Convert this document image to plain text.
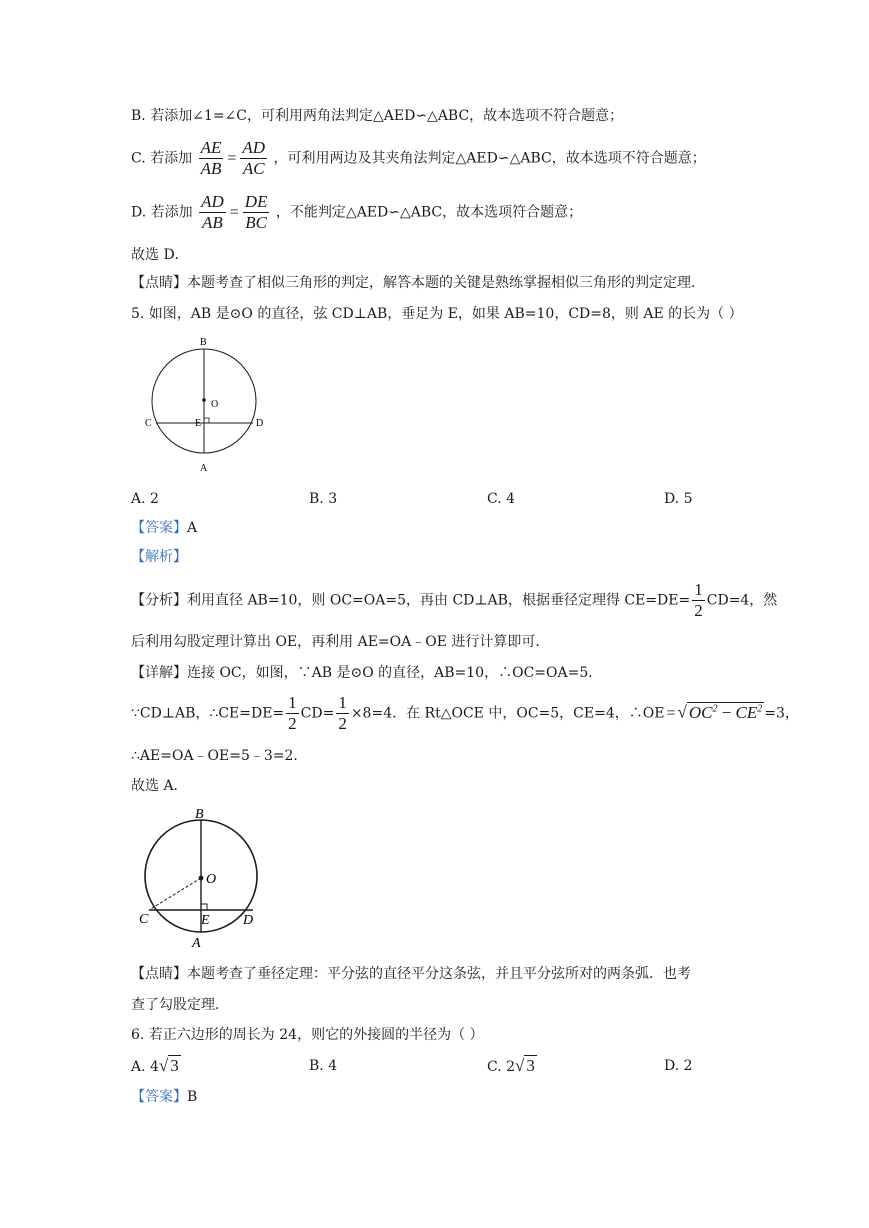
B. 若添加∠1=∠C，可利用两角法判定△AED∽△ABC，故本选项不符合题意；
C. 若添加 $\frac{AE}{AB} = \frac{AD}{AC}$ ，可利用两边及其夹角法判定△AED∽△ABC，故本选项不符合题意；
D. 若添加 $\frac{AD}{AB} = \frac{DE}{BC}$ ，不能判定△AED∽△ABC，故本选项符合题意；
故选 D．
【点睛】本题考查了相似三角形的判定，解答本题的关键是熟练掌握相似三角形的判定定理．
5. 如图，AB 是⊙O 的直径，弦 CD⊥AB，垂足为 E，如果 AB=10，CD=8，则 AE 的长为（ ）
B
O
C	E	D
A
A. 2	B. 3	C. 4	D. 5
【答案】A
【解析】
【分析】利用直径 AB=10，则 OC=OA=5，再由 CD⊥AB，根据垂径定理得 $CE=DE= \frac{1}{2} CD=4$，然
后利用勾股定理计算出 OE，再利用 AE=OA﹣OE 进行计算即可．
【详解】连接 OC，如图，∵AB 是⊙O 的直径，AB=10，∴OC=OA=5．
∵CD⊥AB，∴CE=DE= $\frac{1}{2} CD= \frac{1}{2} \times 8=4$．在 Rt△OCE 中，OC=5，CE=4，∴OE = √ $OC^2 - CE^2 =3$，
∴AE=OA﹣OE=5﹣3=2．
故选 A．
B
O
C	E D
A
【点睛】本题考查了垂径定理：平分弦的直径平分这条弦，并且平分弦所对的两条弧．也考
查了勾股定理．
6. 若正六边形的周长为 24，则它的外接圆的半径为（ ）
A. 4√ 3	B. 4	C. 2√ 3	D. 2
【答案】B
